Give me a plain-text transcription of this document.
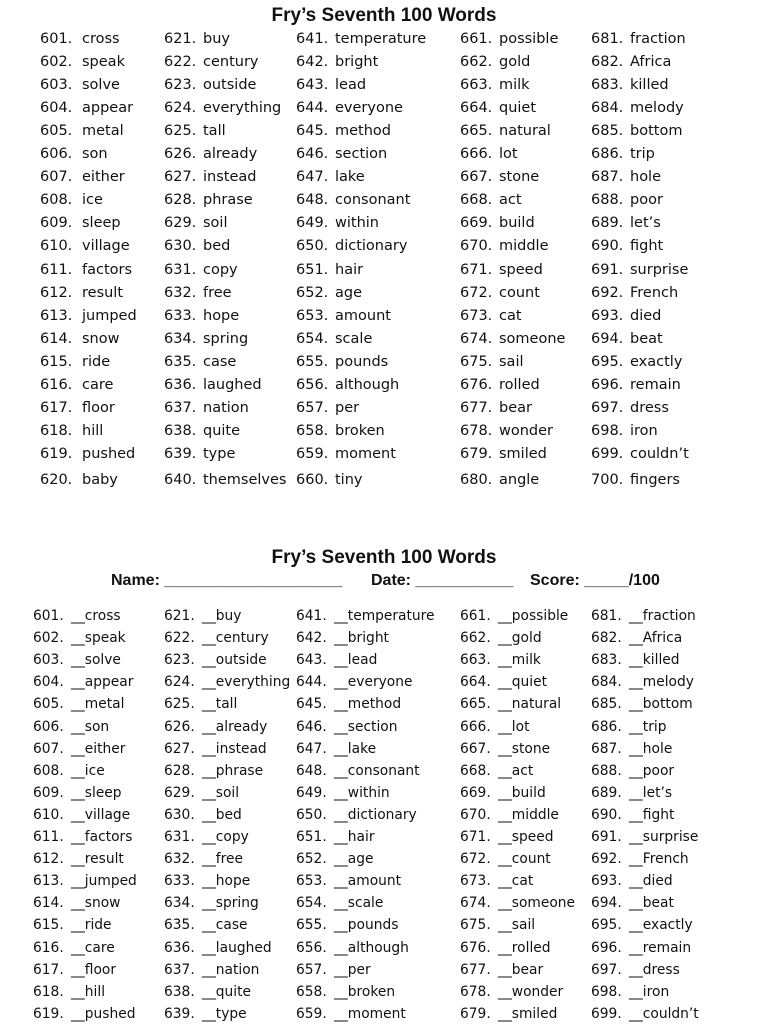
Fry’s Seventh 100 Words
601. cross
602. speak
603. solve
604. appear
605. metal
606. son
607. either
608. ice
609. sleep
610. village
611. factors
612. result
613. jumped
614. snow
615. ride
616. care
617. floor
618. hill
619. pushed
620. baby
621. buy
622. century
623. outside
624. everything
625. tall
626. already
627. instead
628. phrase
629. soil
630. bed
631. copy
632. free
633. hope
634. spring
635. case
636. laughed
637. nation
638. quite
639. type
640. themselves
641. temperature
642. bright
643. lead
644. everyone
645. method
646. section
647. lake
648. consonant
649. within
650. dictionary
651. hair
652. age
653. amount
654. scale
655. pounds
656. although
657. per
658. broken
659. moment
660. tiny
661. possible
662. gold
663. milk
664. quiet
665. natural
666. lot
667. stone
668. act
669. build
670. middle
671. speed
672. count
673. cat
674. someone
675. sail
676. rolled
677. bear
678. wonder
679. smiled
680. angle
681. fraction
682. Africa
683. killed
684. melody
685. bottom
686. trip
687. hole
688. poor
689. let’s
690. fight
691. surprise
692. French
693. died
694. beat
695. exactly
696. remain
697. dress
698. iron
699. couldn’t
700. fingers
Fry’s Seventh 100 Words
Name: ____________________ Date: ___________ Score: _____/100
601. __cross
602. __speak
603. __solve
604. __appear
605. __metal
606. __son
607. __either
608. __ice
609. __sleep
610. __village
611. __factors
612. __result
613. __jumped
614. __snow
615. __ride
616. __care
617. __floor
618. __hill
619. __pushed
621. __buy
622. __century
623. __outside
624. __everything
625. __tall
626. __already
627. __instead
628. __phrase
629. __soil
630. __bed
631. __copy
632. __free
633. __hope
634. __spring
635. __case
636. __laughed
637. __nation
638. __quite
639. __type
641. __temperature
642. __bright
643. __lead
644. __everyone
645. __method
646. __section
647. __lake
648. __consonant
649. __within
650. __dictionary
651. __hair
652. __age
653. __amount
654. __scale
655. __pounds
656. __although
657. __per
658. __broken
659. __moment
661. __possible
662. __gold
663. __milk
664. __quiet
665. __natural
666. __lot
667. __stone
668. __act
669. __build
670. __middle
671. __speed
672. __count
673. __cat
674. __someone
675. __sail
676. __rolled
677. __bear
678. __wonder
679. __smiled
681. __fraction
682. __Africa
683. __killed
684. __melody
685. __bottom
686. __trip
687. __hole
688. __poor
689. __let’s
690. __fight
691. __surprise
692. __French
693. __died
694. __beat
695. __exactly
696. __remain
697. __dress
698. __iron
699. __couldn’t
